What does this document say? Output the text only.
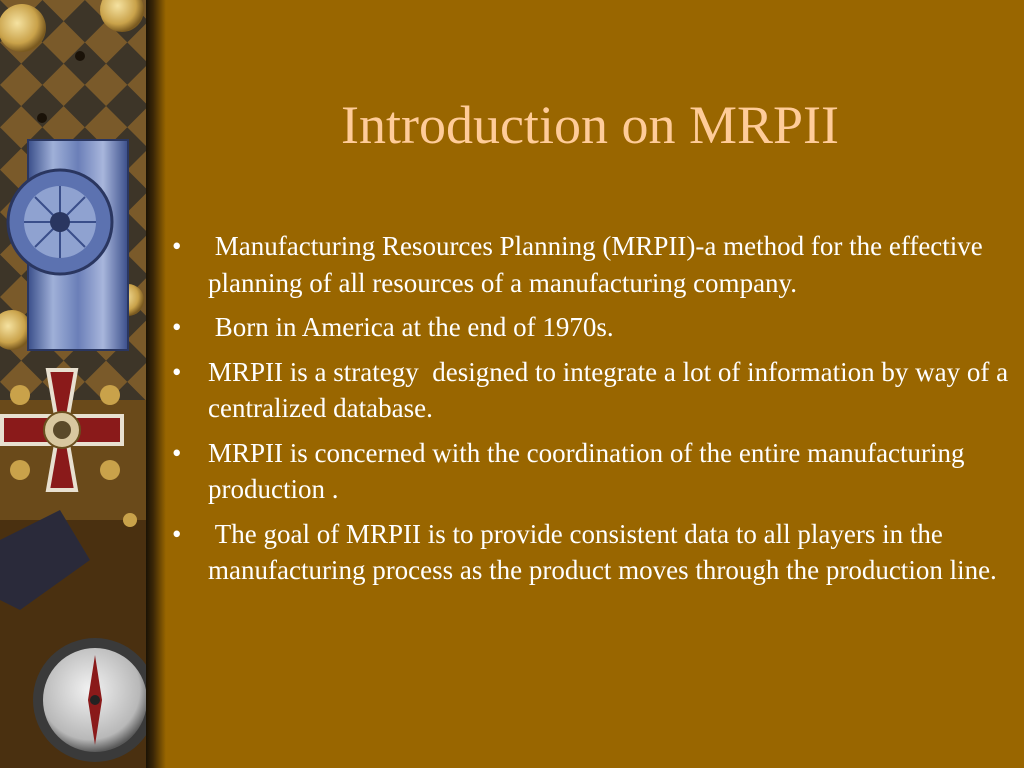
Introduction on MRPII
•  Manufacturing Resources Planning (MRPII)-a method for the effective planning of all resources of a manufacturing company.
•  Born in America at the end of 1970s.
• MRPII is a strategy  designed to integrate a lot of information by way of a centralized database.
• MRPII is concerned with the coordination of the entire manufacturing production .
•  The goal of MRPII is to provide consistent data to all players in the manufacturing process as the product moves through the production line.
